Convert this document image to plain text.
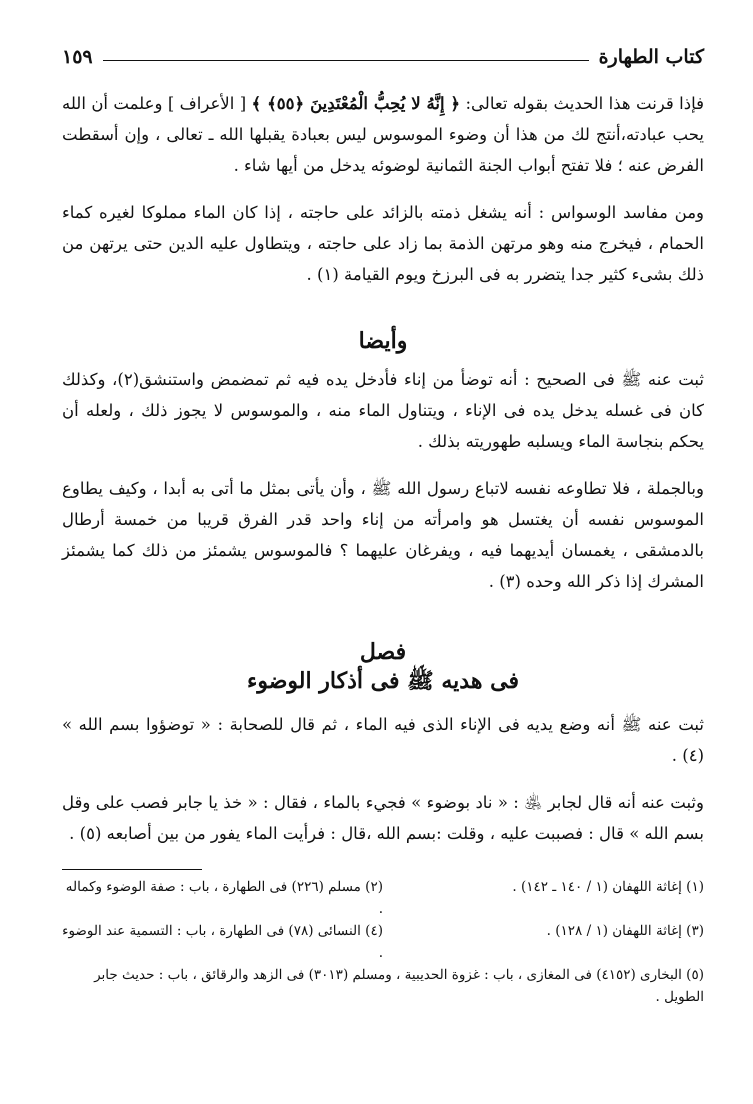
كتاب الطهارة
١٥٩

فإذا قرنت هذا الحديث بقوله تعالى: ﴿ إِنَّهُ لا يُحِبُّ الْمُعْتَدِينَ ﴿٥٥﴾ ﴾ [ الأعراف ] وعلمت أن الله يحب عبادته،أنتج لك من هذا أن وضوء الموسوس ليس بعبادة يقبلها الله ـ تعالى ، وإن أسقطت الفرض عنه ؛ فلا تفتح أبواب الجنة الثمانية لوضوئه يدخل من أيها شاء .

ومن مفاسد الوسواس : أنه يشغل ذمته بالزائد على حاجته ، إذا كان الماء مملوكا لغيره كماء الحمام ، فيخرج منه وهو مرتهن الذمة بما زاد على حاجته ، ويتطاول عليه الدين حتى يرتهن من ذلك بشىء كثير جدا يتضرر به فى البرزخ ويوم القيامة (١) .

وأيضا

ثبت عنه ﷺ فى الصحيح : أنه توضأ من إناء فأدخل يده فيه ثم تمضمض واستنشق(٢)، وكذلك كان فى غسله يدخل يده فى الإناء ، ويتناول الماء منه ، والموسوس لا يجوز ذلك ، ولعله أن يحكم بنجاسة الماء ويسلبه طهوريته بذلك .

وبالجملة ، فلا تطاوعه نفسه لاتباع رسول الله ﷺ ، وأن يأتى بمثل ما أتى به أبدا ، وكيف يطاوع الموسوس نفسه أن يغتسل هو وامرأته من إناء واحد قدر الفرق قريبا من خمسة أرطال بالدمشقى ، يغمسان أيديهما فيه ، ويفرغان عليهما ؟ فالموسوس يشمئز من ذلك كما يشمئز المشرك إذا ذكر الله وحده (٣) .

فصل
فى هديه ﷺ فى أذكار الوضوء

ثبت عنه ﷺ أنه وضع يديه فى الإناء الذى فيه الماء ، ثم قال للصحابة : « توضؤوا بسم الله » (٤) .

وثبت عنه أنه قال لجابر ﵁ : « ناد بوضوء » فجيء بالماء ، فقال : « خذ يا جابر فصب على وقل بسم الله » قال : فصببت عليه ، وقلت :بسم الله ،قال : فرأيت الماء يفور من بين أصابعه (٥) .

(١) إغاثة اللهفان (١ / ١٤٠ ـ ١٤٢) .
(٢) مسلم (٢٢٦) فى الطهارة ، باب : صفة الوضوء وكماله .
(٣) إغاثة اللهفان (١ / ١٢٨) .
(٤) النسائى (٧٨) فى الطهارة ، باب : التسمية عند الوضوء .
(٥) البخارى (٤١٥٢) فى المغازى ، باب : غزوة الحديبية ، ومسلم (٣٠١٣) فى الزهد والرقائق ، باب : حديث جابر الطويل .
